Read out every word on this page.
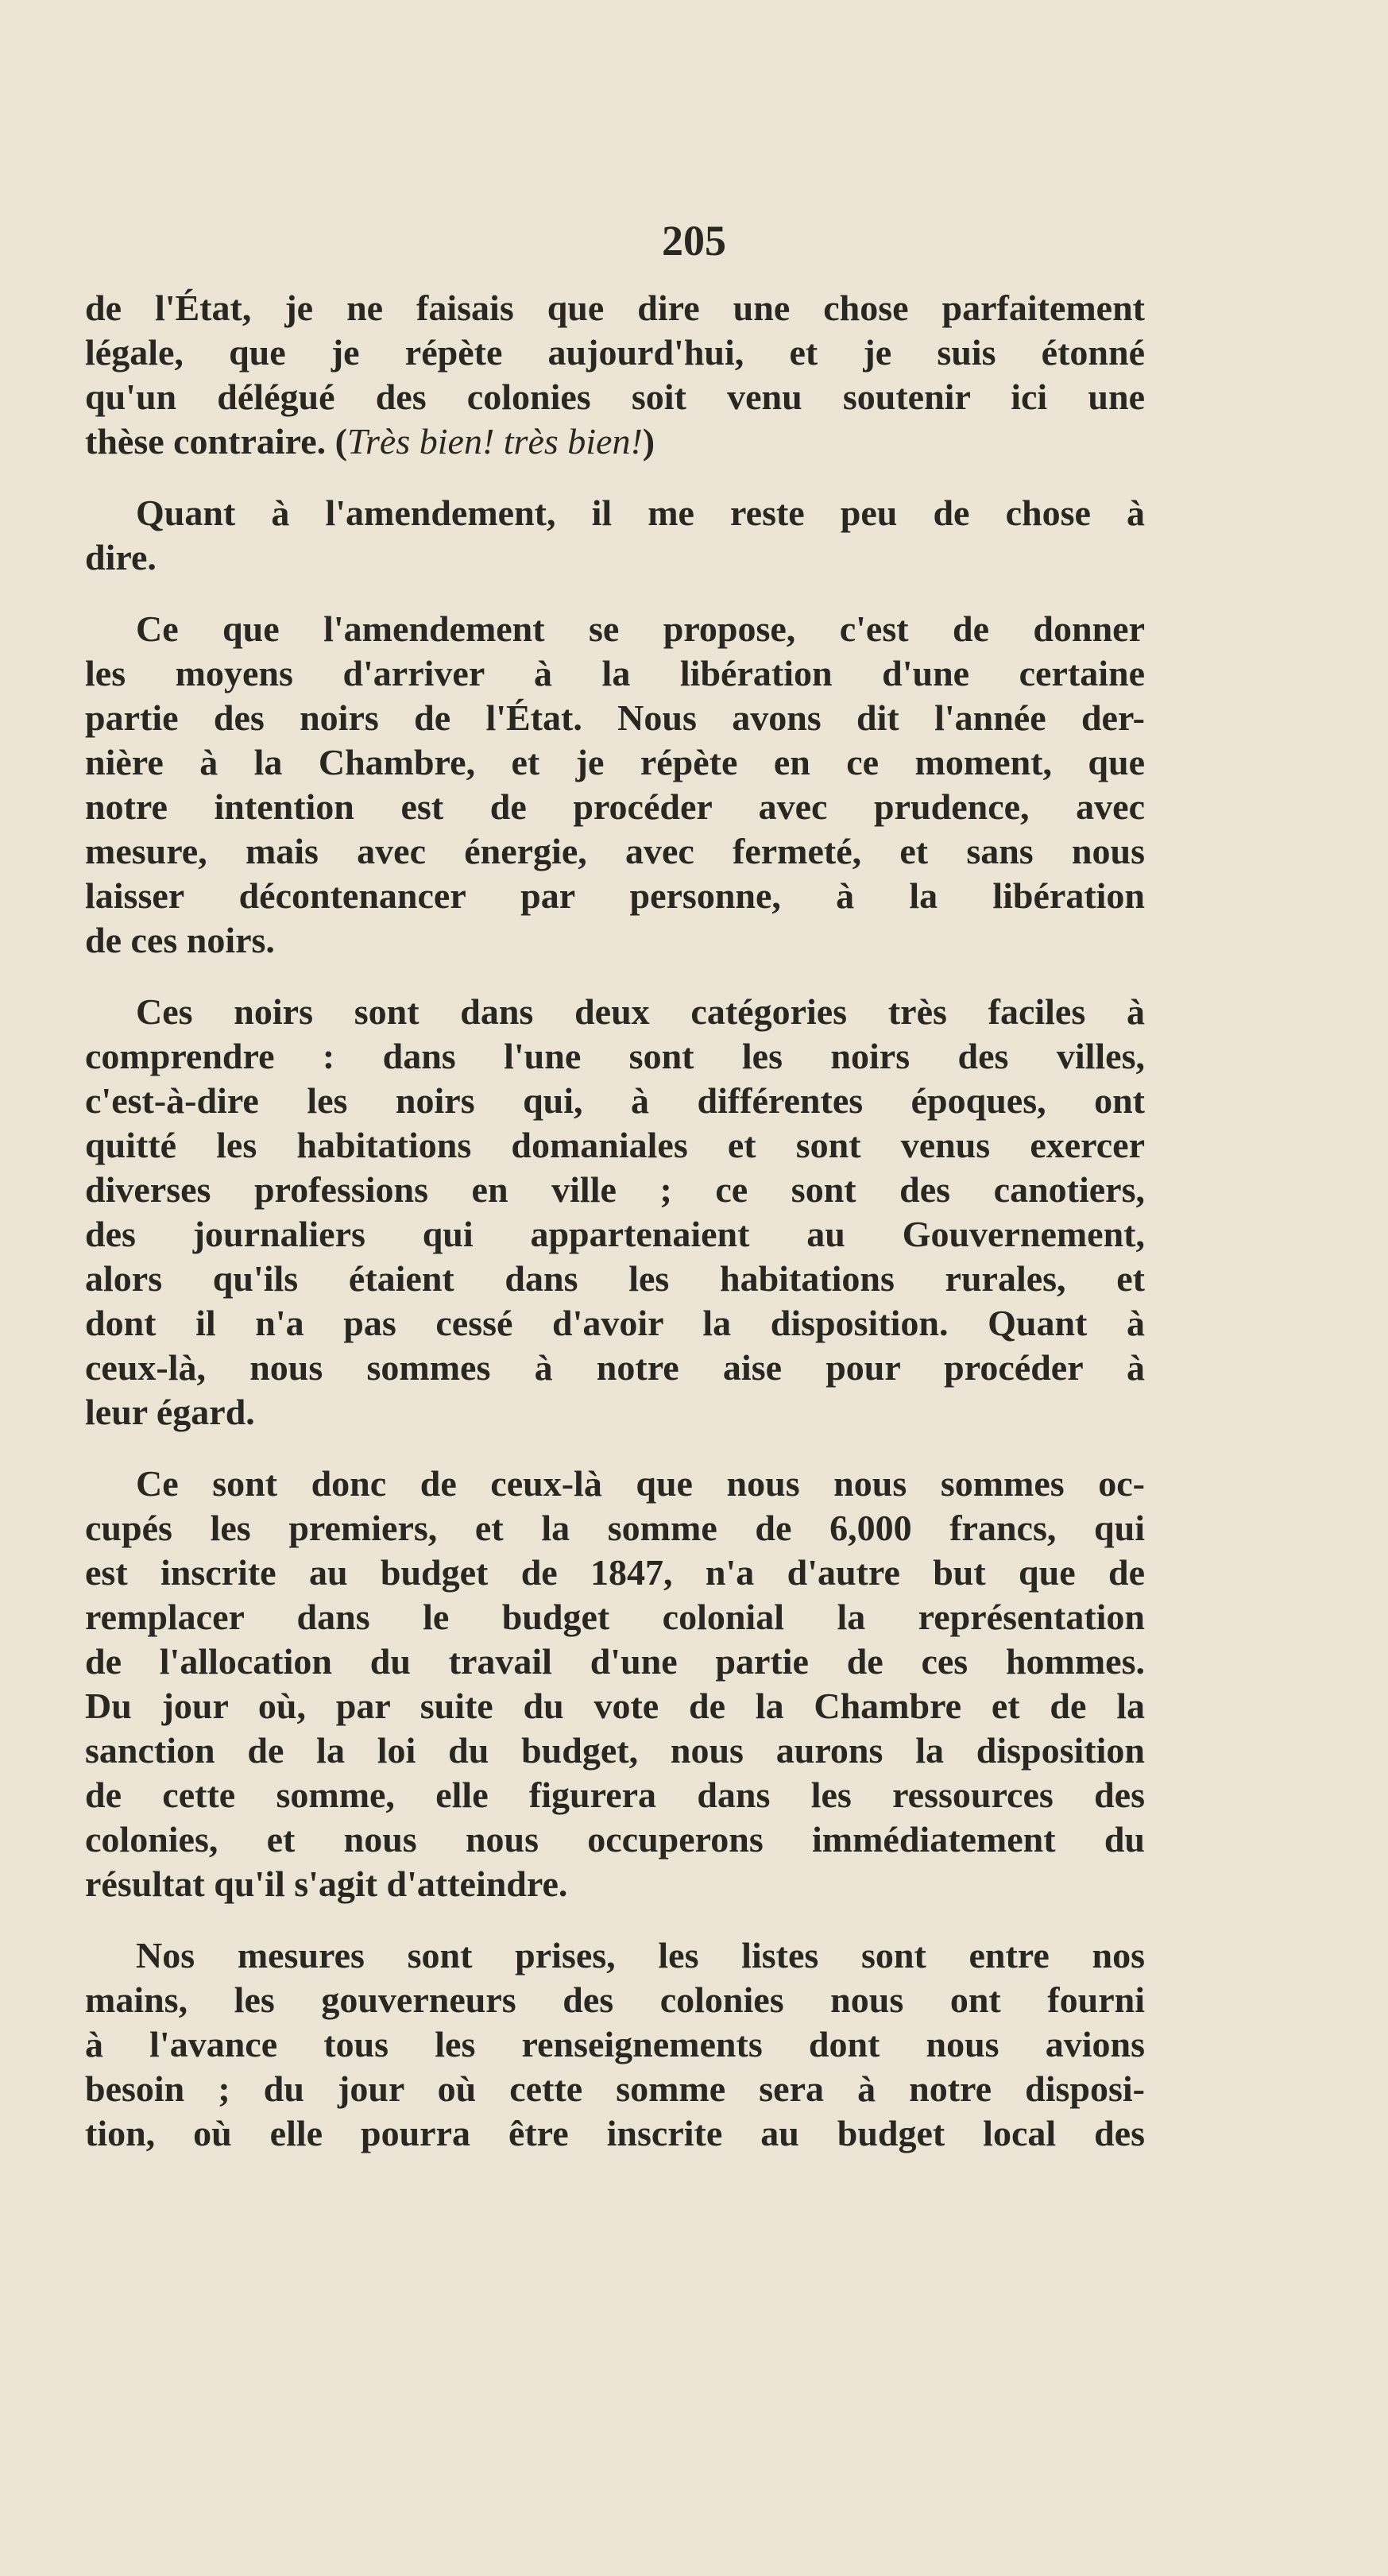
205
de l'État, je ne faisais que dire une chose parfaitement
légale, que je répète aujourd'hui, et je suis étonné
qu'un délégué des colonies soit venu soutenir ici une
thèse contraire. (Très bien! très bien!)
Quant à l'amendement, il me reste peu de chose à
dire.
Ce que l'amendement se propose, c'est de donner
les moyens d'arriver à la libération d'une certaine
partie des noirs de l'État. Nous avons dit l'année der-
nière à la Chambre, et je répète en ce moment, que
notre intention est de procéder avec prudence, avec
mesure, mais avec énergie, avec fermeté, et sans nous
laisser décontenancer par personne, à la libération
de ces noirs.
Ces noirs sont dans deux catégories très faciles à
comprendre : dans l'une sont les noirs des villes,
c'est-à-dire les noirs qui, à différentes époques, ont
quitté les habitations domaniales et sont venus exercer
diverses professions en ville ; ce sont des canotiers,
des journaliers qui appartenaient au Gouvernement,
alors qu'ils étaient dans les habitations rurales, et
dont il n'a pas cessé d'avoir la disposition. Quant à
ceux-là, nous sommes à notre aise pour procéder à
leur égard.
Ce sont donc de ceux-là que nous nous sommes oc-
cupés les premiers, et la somme de 6,000 francs, qui
est inscrite au budget de 1847, n'a d'autre but que de
remplacer dans le budget colonial la représentation
de l'allocation du travail d'une partie de ces hommes.
Du jour où, par suite du vote de la Chambre et de la
sanction de la loi du budget, nous aurons la disposition
de cette somme, elle figurera dans les ressources des
colonies, et nous nous occuperons immédiatement du
résultat qu'il s'agit d'atteindre.
Nos mesures sont prises, les listes sont entre nos
mains, les gouverneurs des colonies nous ont fourni
à l'avance tous les renseignements dont nous avions
besoin ; du jour où cette somme sera à notre disposi-
tion, où elle pourra être inscrite au budget local des
